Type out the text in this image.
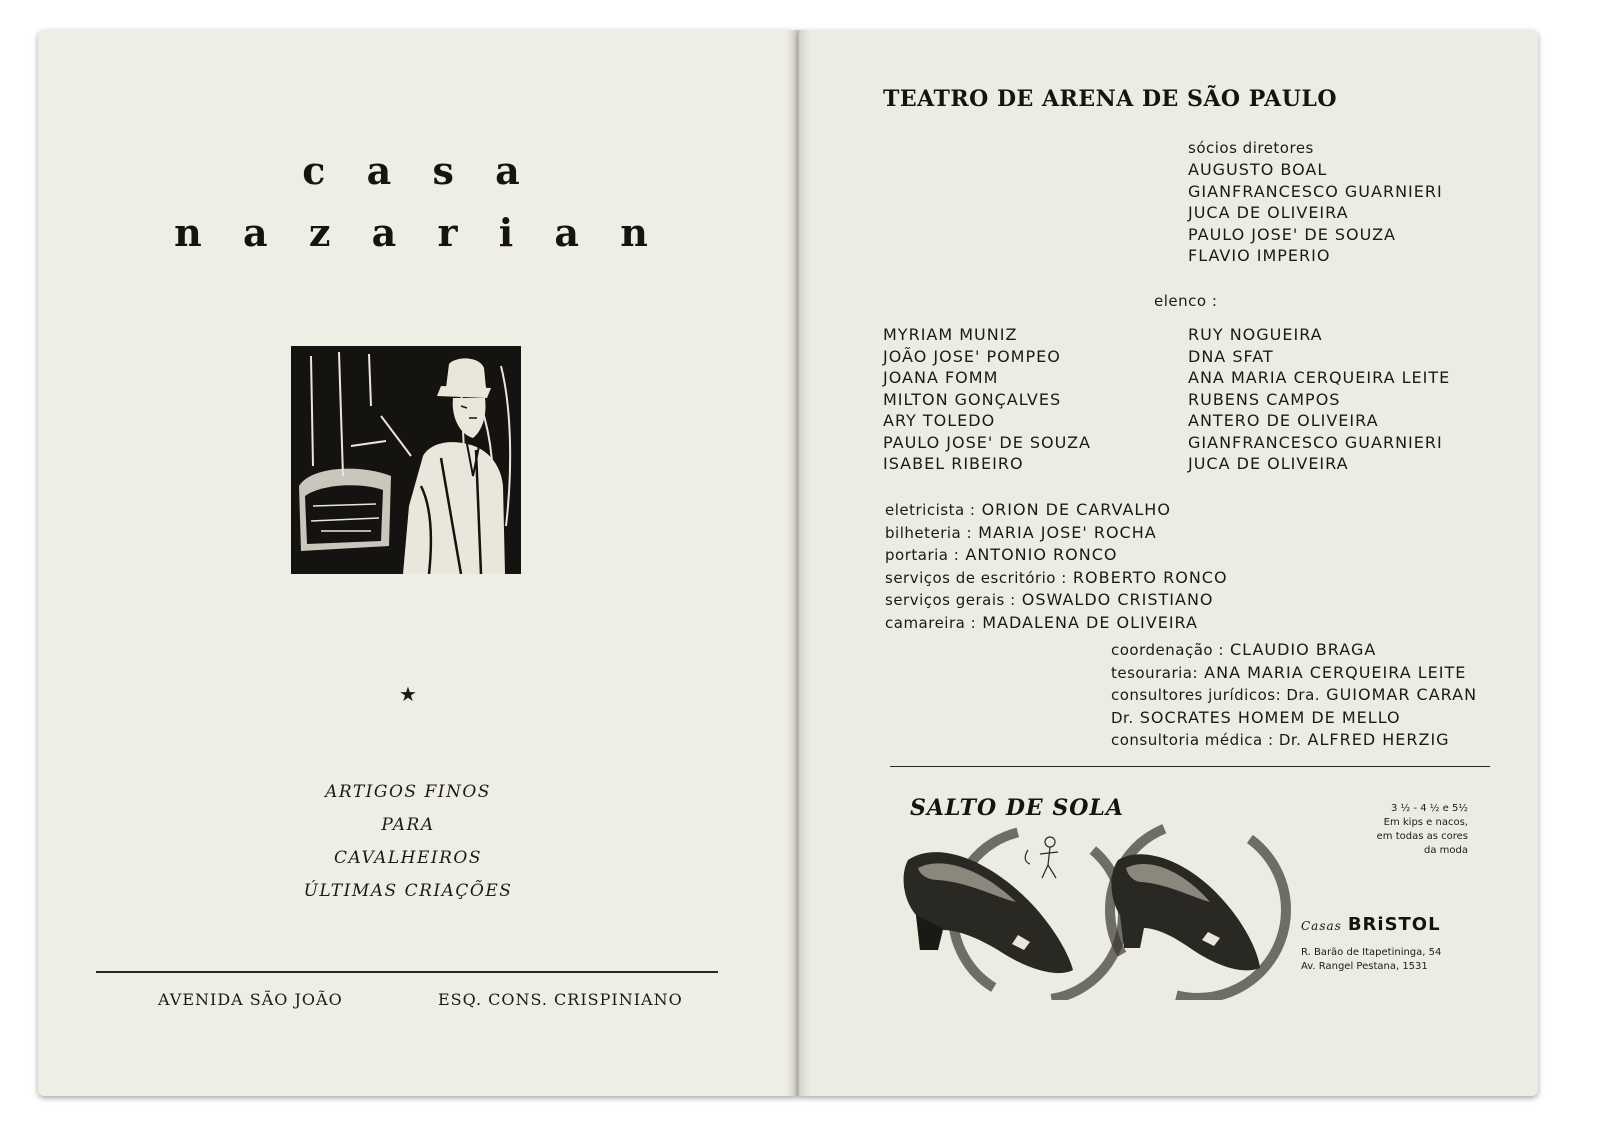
c a s a
n a z a r i a n
★
ARTIGOS FINOS
PARA
CAVALHEIROS
ÚLTIMAS CRIAÇÕES
AVENIDA SÃO JOÃO	ESQ. CONS. CRISPINIANO
TEATRO DE ARENA DE SÃO PAULO
sócios diretores
AUGUSTO BOAL
GIANFRANCESCO GUARNIERI
JUCA DE OLIVEIRA
PAULO JOSE' DE SOUZA
FLAVIO IMPERIO
elenco :
MYRIAM MUNIZ
JOÃO JOSE' POMPEO
JOANA FOMM
MILTON GONÇALVES
ARY TOLEDO
PAULO JOSE' DE SOUZA
ISABEL RIBEIRO
RUY NOGUEIRA
DNA SFAT
ANA MARIA CERQUEIRA LEITE
RUBENS CAMPOS
ANTERO DE OLIVEIRA
GIANFRANCESCO GUARNIERI
JUCA DE OLIVEIRA
eletricista : ORION DE CARVALHO
bilheteria : MARIA JOSE' ROCHA
portaria : ANTONIO RONCO
serviços de escritório : ROBERTO RONCO
serviços gerais : OSWALDO CRISTIANO
camareira : MADALENA DE OLIVEIRA
coordenação : CLAUDIO BRAGA
tesouraria: ANA MARIA CERQUEIRA LEITE
consultores jurídicos: Dra. GUIOMAR CARAN
Dr. SOCRATES HOMEM DE MELLO
consultoria médica : Dr. ALFRED HERZIG
SALTO DE SOLA	3 ½ - 4 ½ e 5½
Em kips e nacos,
em todas as cores
da moda
Casas BRiSTOL
R. Barão de Itapetininga, 54
Av. Rangel Pestana, 1531
